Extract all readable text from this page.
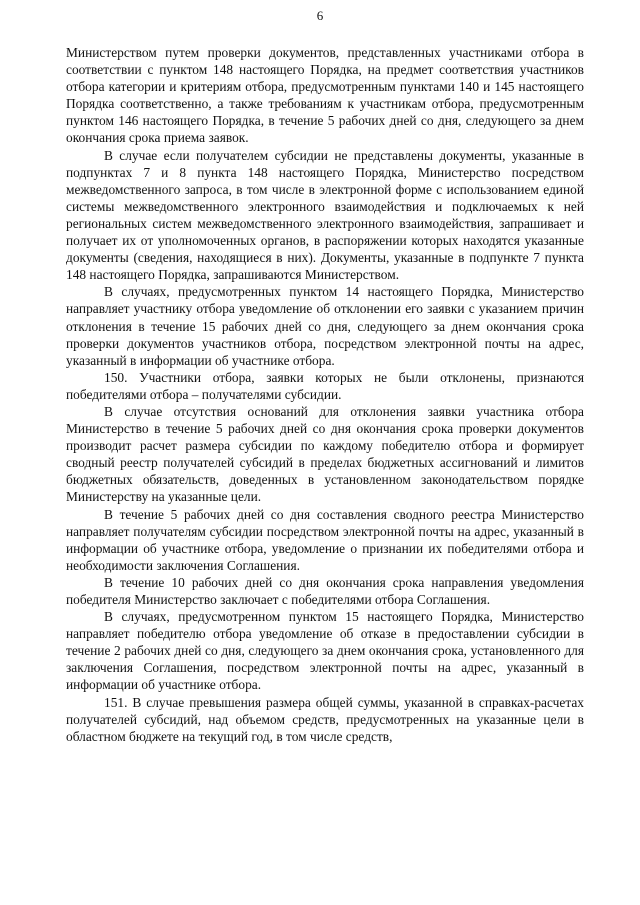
6

Министерством путем проверки документов, представленных участниками отбора в соответствии с пунктом 148 настоящего Порядка, на предмет соответствия участников отбора категории и критериям отбора, предусмотренным пунктами 140 и 145 настоящего Порядка соответственно, а также требованиям к участникам отбора, предусмотренным пунктом 146 настоящего Порядка, в течение 5 рабочих дней со дня, следующего за днем окончания срока приема заявок.

В случае если получателем субсидии не представлены документы, указанные в подпунктах 7 и 8 пункта 148 настоящего Порядка, Министерство посредством межведомственного запроса, в том числе в электронной форме с использованием единой системы межведомственного электронного взаимодействия и подключаемых к ней региональных систем межведомственного электронного взаимодействия, запрашивает и получает их от уполномоченных органов, в распоряжении которых находятся указанные документы (сведения, находящиеся в них). Документы, указанные в подпункте 7 пункта 148 настоящего Порядка, запрашиваются Министерством.

В случаях, предусмотренных пунктом 14 настоящего Порядка, Министерство направляет участнику отбора уведомление об отклонении его заявки с указанием причин отклонения в течение 15 рабочих дней со дня, следующего за днем окончания срока проверки документов участников отбора, посредством электронной почты на адрес, указанный в информации об участнике отбора.

150. Участники отбора, заявки которых не были отклонены, признаются победителями отбора – получателями субсидии.

В случае отсутствия оснований для отклонения заявки участника отбора Министерство в течение 5 рабочих дней со дня окончания срока проверки документов производит расчет размера субсидии по каждому победителю отбора и формирует сводный реестр получателей субсидий в пределах бюджетных ассигнований и лимитов бюджетных обязательств, доведенных в установленном законодательством порядке Министерству на указанные цели.

В течение 5 рабочих дней со дня составления сводного реестра Министерство направляет получателям субсидии посредством электронной почты на адрес, указанный в информации об участнике отбора, уведомление о признании их победителями отбора и необходимости заключения Соглашения.

В течение 10 рабочих дней со дня окончания срока направления уведомления победителя Министерство заключает с победителями отбора Соглашения.

В случаях, предусмотренном пунктом 15 настоящего Порядка, Министерство направляет победителю отбора уведомление об отказе в предоставлении субсидии в течение 2 рабочих дней со дня, следующего за днем окончания срока, установленного для заключения Соглашения, посредством электронной почты на адрес, указанный в информации об участнике отбора.

151. В случае превышения размера общей суммы, указанной в справках-расчетах получателей субсидий, над объемом средств, предусмотренных на указанные цели в областном бюджете на текущий год, в том числе средств,
